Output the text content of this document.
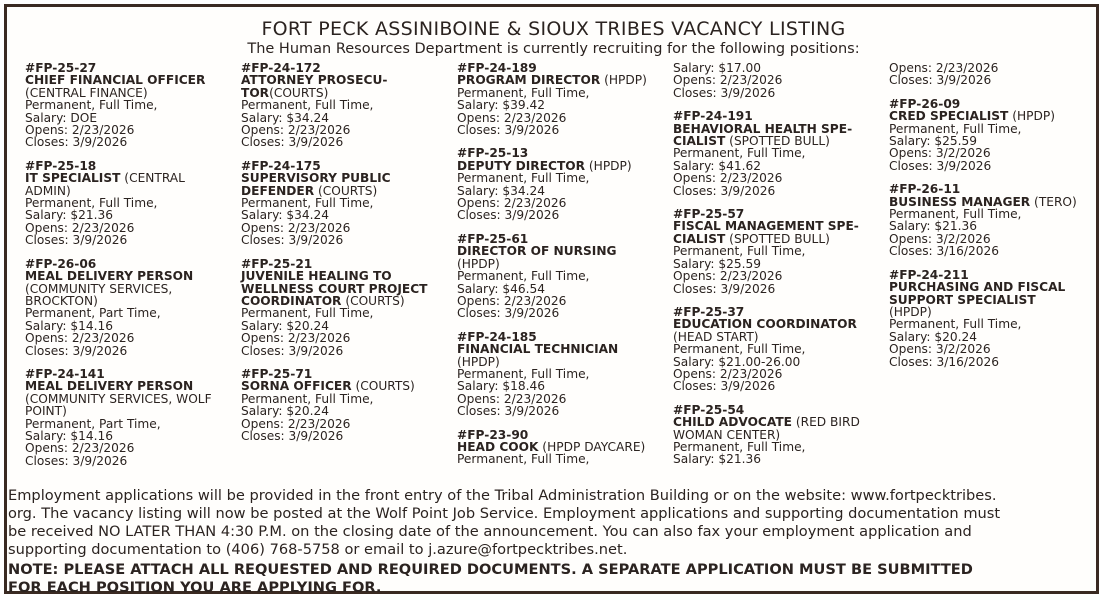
FORT PECK ASSINIBOINE & SIOUX TRIBES VACANCY LISTING
The Human Resources Department is currently recruiting for the following positions:
#FP-25-27
CHIEF FINANCIAL OFFICER
(CENTRAL FINANCE)
Permanent, Full Time,
Salary: DOE
Opens: 2/23/2026
Closes: 3/9/2026
#FP-25-18
IT SPECIALIST (CENTRAL
ADMIN)
Permanent, Full Time,
Salary: $21.36
Opens: 2/23/2026
Closes: 3/9/2026
#FP-26-06
MEAL DELIVERY PERSON
(COMMUNITY SERVICES,
BROCKTON)
Permanent, Part Time,
Salary: $14.16
Opens: 2/23/2026
Closes: 3/9/2026
#FP-24-141
MEAL DELIVERY PERSON
(COMMUNITY SERVICES, WOLF
POINT)
Permanent, Part Time,
Salary: $14.16
Opens: 2/23/2026
Closes: 3/9/2026
#FP-24-172
ATTORNEY PROSECU-
TOR(COURTS)
Permanent, Full Time,
Salary: $34.24
Opens: 2/23/2026
Closes: 3/9/2026
#FP-24-175
SUPERVISORY PUBLIC
DEFENDER (COURTS)
Permanent, Full Time,
Salary: $34.24
Opens: 2/23/2026
Closes: 3/9/2026
#FP-25-21
JUVENILE HEALING TO
WELLNESS COURT PROJECT
COORDINATOR (COURTS)
Permanent, Full Time,
Salary: $20.24
Opens: 2/23/2026
Closes: 3/9/2026
#FP-25-71
SORNA OFFICER (COURTS)
Permanent, Full Time,
Salary: $20.24
Opens: 2/23/2026
Closes: 3/9/2026
#FP-24-189
PROGRAM DIRECTOR (HPDP)
Permanent, Full Time,
Salary: $39.42
Opens: 2/23/2026
Closes: 3/9/2026
#FP-25-13
DEPUTY DIRECTOR (HPDP)
Permanent, Full Time,
Salary: $34.24
Opens: 2/23/2026
Closes: 3/9/2026
#FP-25-61
DIRECTOR OF NURSING
(HPDP)
Permanent, Full Time,
Salary: $46.54
Opens: 2/23/2026
Closes: 3/9/2026
#FP-24-185
FINANCIAL TECHNICIAN
(HPDP)
Permanent, Full Time,
Salary: $18.46
Opens: 2/23/2026
Closes: 3/9/2026
#FP-23-90
HEAD COOK (HPDP DAYCARE)
Permanent, Full Time,
Salary: $17.00
Opens: 2/23/2026
Closes: 3/9/2026
#FP-24-191
BEHAVIORAL HEALTH SPE-
CIALIST (SPOTTED BULL)
Permanent, Full Time,
Salary: $41.62
Opens: 2/23/2026
Closes: 3/9/2026
#FP-25-57
FISCAL MANAGEMENT SPE-
CIALIST (SPOTTED BULL)
Permanent, Full Time,
Salary: $25.59
Opens: 2/23/2026
Closes: 3/9/2026
#FP-25-37
EDUCATION COORDINATOR
(HEAD START)
Permanent, Full Time,
Salary: $21.00-26.00
Opens: 2/23/2026
Closes: 3/9/2026
#FP-25-54
CHILD ADVOCATE (RED BIRD
WOMAN CENTER)
Permanent, Full Time,
Salary: $21.36
Opens: 2/23/2026
Closes: 3/9/2026
#FP-26-09
CRED SPECIALIST (HPDP)
Permanent, Full Time,
Salary: $25.59
Opens: 3/2/2026
Closes: 3/9/2026
#FP-26-11
BUSINESS MANAGER (TERO)
Permanent, Full Time,
Salary: $21.36
Opens: 3/2/2026
Closes: 3/16/2026
#FP-24-211
PURCHASING AND FISCAL
SUPPORT SPECIALIST
(HPDP)
Permanent, Full Time,
Salary: $20.24
Opens: 3/2/2026
Closes: 3/16/2026
Employment applications will be provided in the front entry of the Tribal Administration Building or on the website: www.fortpecktribes.
org. The vacancy listing will now be posted at the Wolf Point Job Service. Employment applications and supporting documentation must
be received NO LATER THAN 4:30 P.M. on the closing date of the announcement. You can also fax your employment application and
supporting documentation to (406) 768-5758 or email to j.azure@fortpecktribes.net.
NOTE: PLEASE ATTACH ALL REQUESTED AND REQUIRED DOCUMENTS. A SEPARATE APPLICATION MUST BE SUBMITTED
FOR EACH POSITION YOU ARE APPLYING FOR.
